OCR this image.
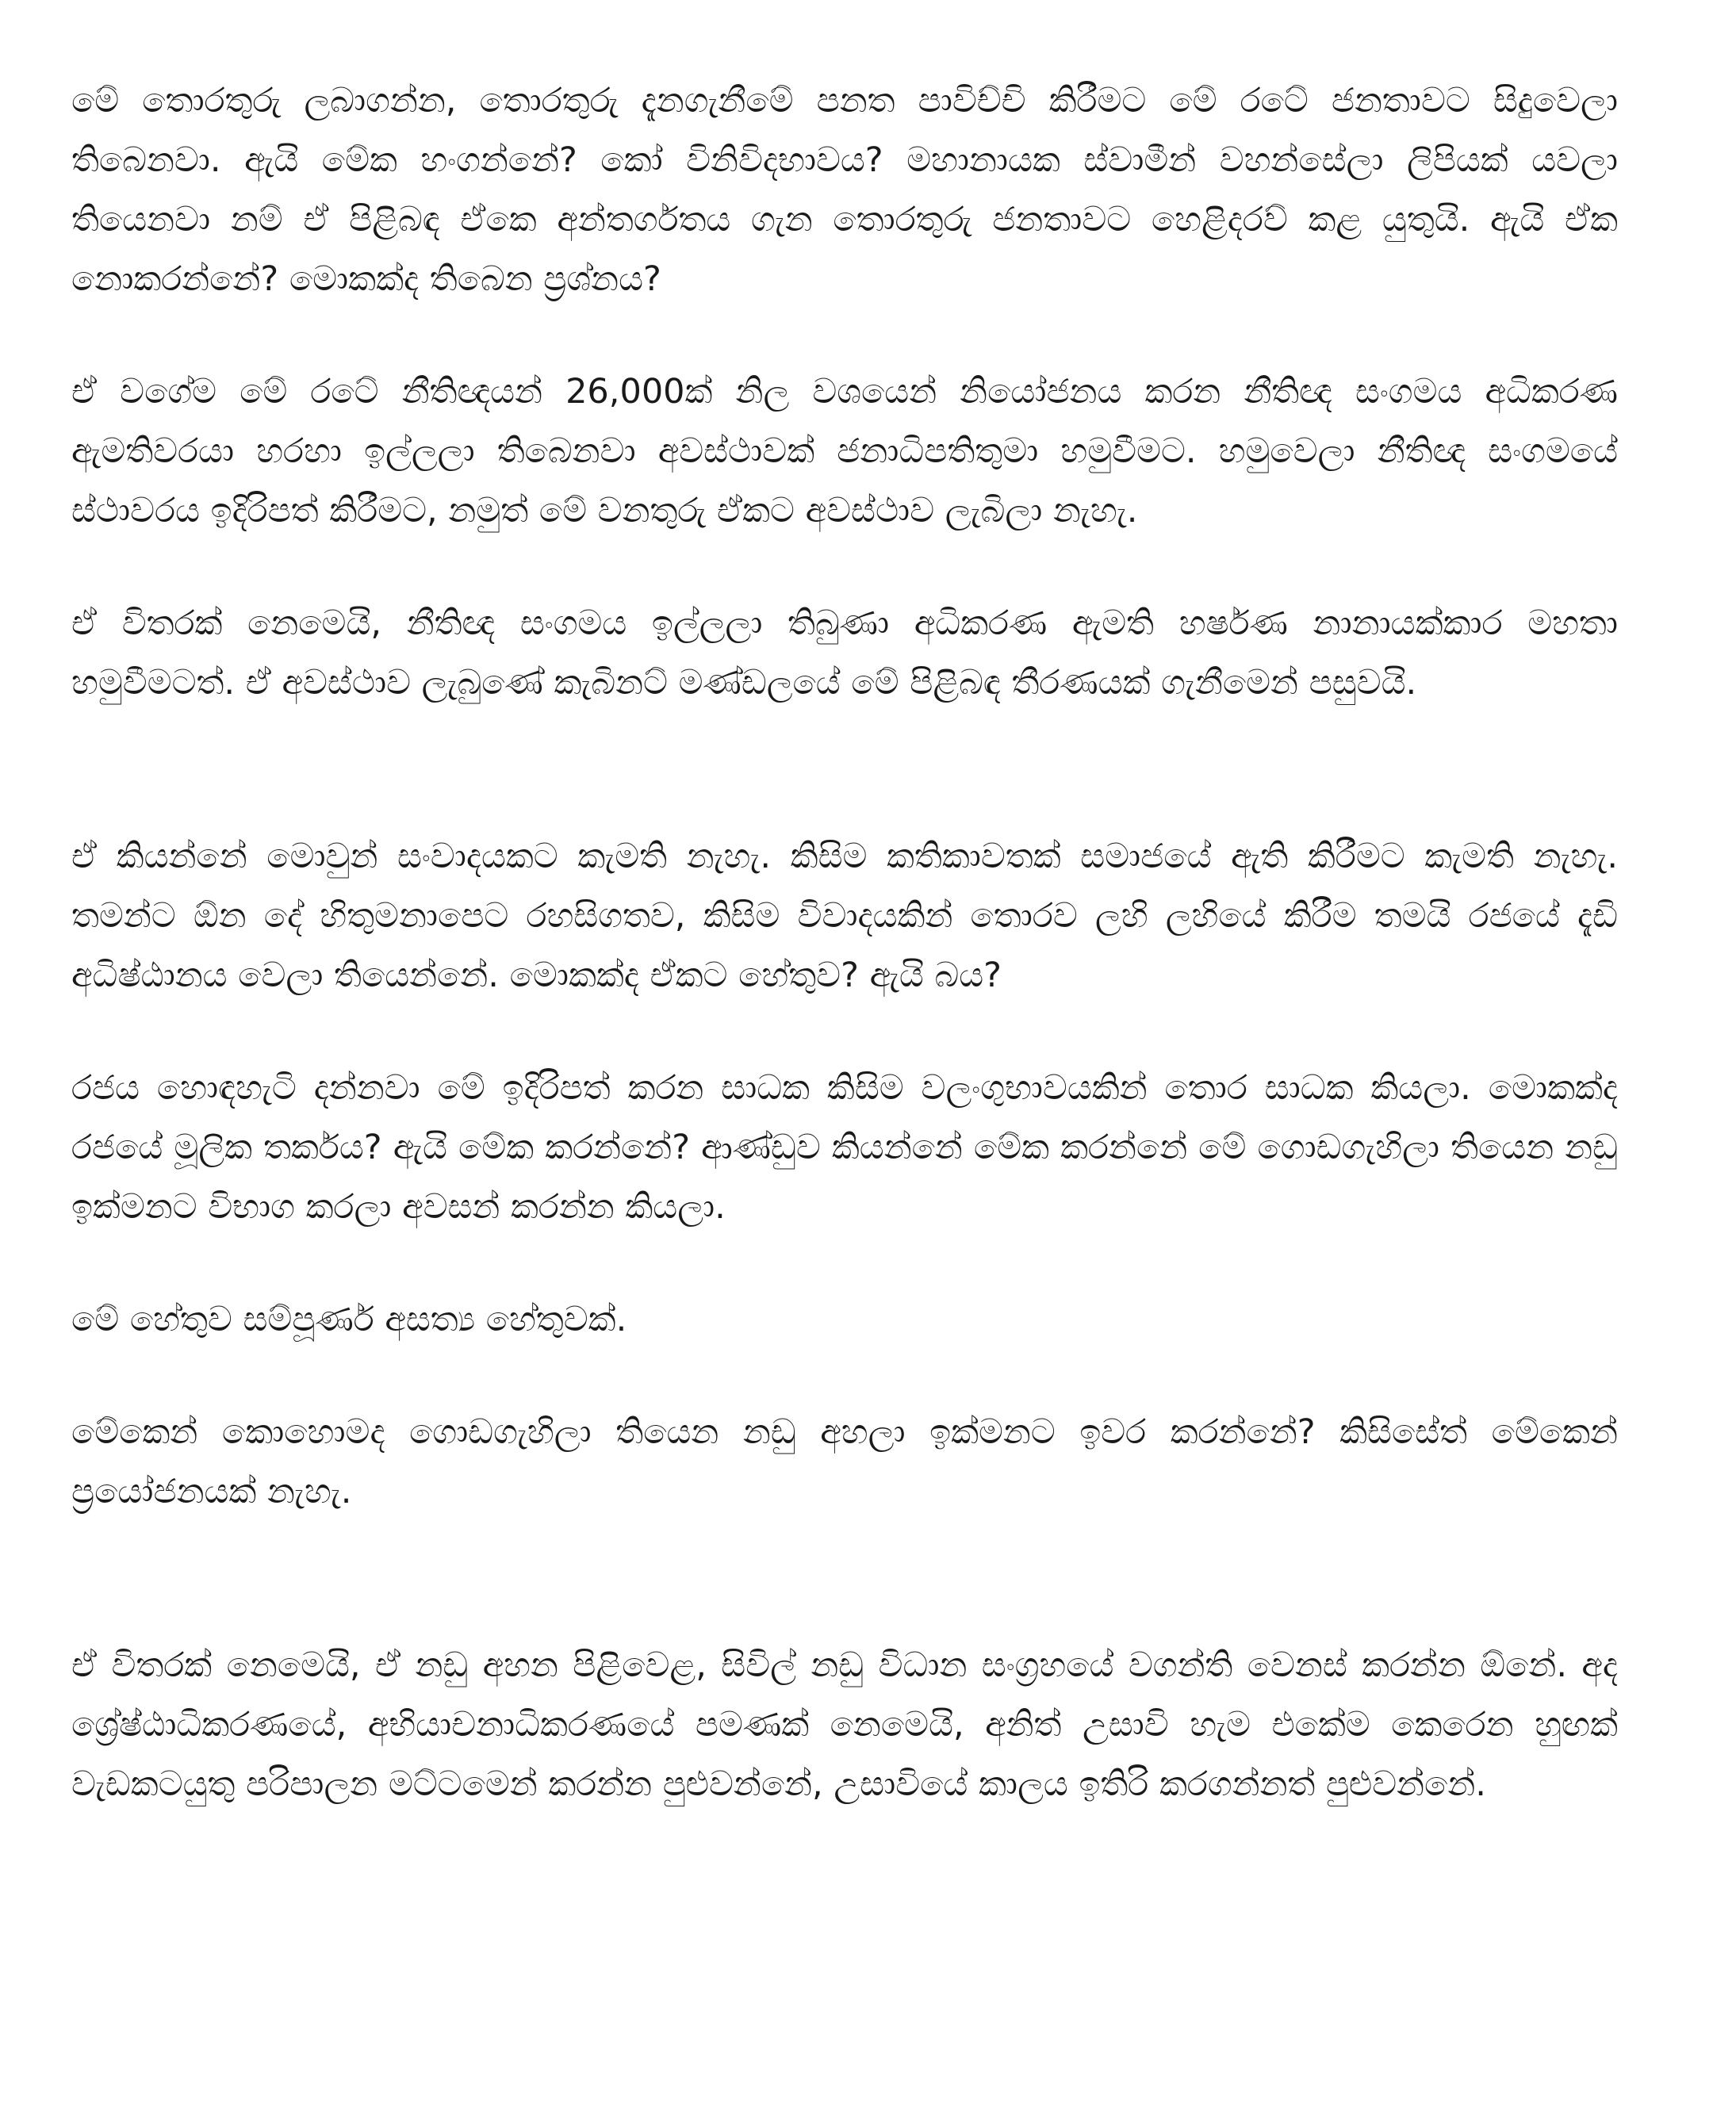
මේ තොරතුරු ලබාගන්න, තොරතුරු දැනගැනීමේ පනත පාවිච්චි කිරීමට මේ රටේ ජනතාවට සිදුවෙලා තිබෙනවා. ඇයි මේක හංගන්නේ? කෝ විනිවිදභාවය? මහානායක ස්වාමීන් වහන්සේලා ලිපියක් යවලා තියෙනවා නම් ඒ පිළිබඳ ඒකෙ අන්තර්ගතය ගැන තොරතුරු ජනතාවට හෙළිදරව් කළ යුතුයි. ඇයි ඒක නොකරන්නේ? මොකක්ද තිබෙන ප්‍රශ්නය?

ඒ වගේම මේ රටේ නීතිඥයන් 26,000ක් නිල වශයෙන් නියෝජනය කරන නීතිඥ සංගමය අධිකරණ ඇමතිවරයා හරහා ඉල්ලලා තිබෙනවා අවස්ථාවක් ජනාධිපතිතුමා හමුවීමට. හමුවෙලා නීතිඥ සංගමයේ ස්ථාවරය ඉදිරිපත් කිරීමට, නමුත් මේ වනතුරු ඒකට අවස්ථාව ලැබිලා නැහැ.

ඒ විතරක් නෙමෙයි, නීතිඥ සංගමය ඉල්ලලා තිබුණා අධිකරණ ඇමති හර්ෂණ නානායක්කාර මහතා හමුවීමටත්. ඒ අවස්ථාව ලැබුණේ කැබිනට් මණ්ඩලයේ මේ පිළිබඳ තීරණයක් ගැනීමෙන් පසුවයි.

ඒ කියන්නේ මොවුන් සංවාදයකට කැමති නැහැ. කිසිම කතිකාවතක් සමාජයේ ඇති කිරීමට කැමති නැහැ. තමන්ට ඕන දේ හිතුමනාපෙට රහසිගතව, කිසිම විවාදයකින් තොරව ලහි ලහියේ කිරීම තමයි රජයේ දැඩි අධිෂ්ඨානය වෙලා තියෙන්නේ. මොකක්ද ඒකට හේතුව? ඇයි බය?

රජය හොඳහැටි දන්නවා මේ ඉදිරිපත් කරන සාධක කිසිම වලංගුභාවයකින් තොර සාධක කියලා. මොකක්ද රජයේ මූලික තර්කය? ඇයි මේක කරන්නේ? ආණ්ඩුව කියන්නේ මේක කරන්නේ මේ ගොඩගැහිලා තියෙන නඩු ඉක්මනට විභාග කරලා අවසන් කරන්න කියලා.

මේ හේතුව සම්පූර්ණ අසත්‍ය හේතුවක්.

මේකෙන් කොහොමද ගොඩගැහිලා තියෙන නඩු අහලා ඉක්මනට ඉවර කරන්නේ? කිසිසේත් මේකෙන් ප්‍රයෝජනයක් නැහැ.

ඒ විතරක් නෙමෙයි, ඒ නඩු අහන පිළිවෙළ, සිවිල් නඩු විධාන සංග්‍රහයේ වගන්ති වෙනස් කරන්න ඕනේ. අද ශ්‍රේෂ්ඨාධිකරණයේ, අභියාචනාධිකරණයේ පමණක් නෙමෙයි, අනිත් උසාවි හැම එකේම කෙරෙන හුඟක් වැඩකටයුතු පරිපාලන මට්ටමෙන් කරන්න පුළුවන්නේ, උසාවියේ කාලය ඉතිරි කරගන්නත් පුළුවන්නේ.
